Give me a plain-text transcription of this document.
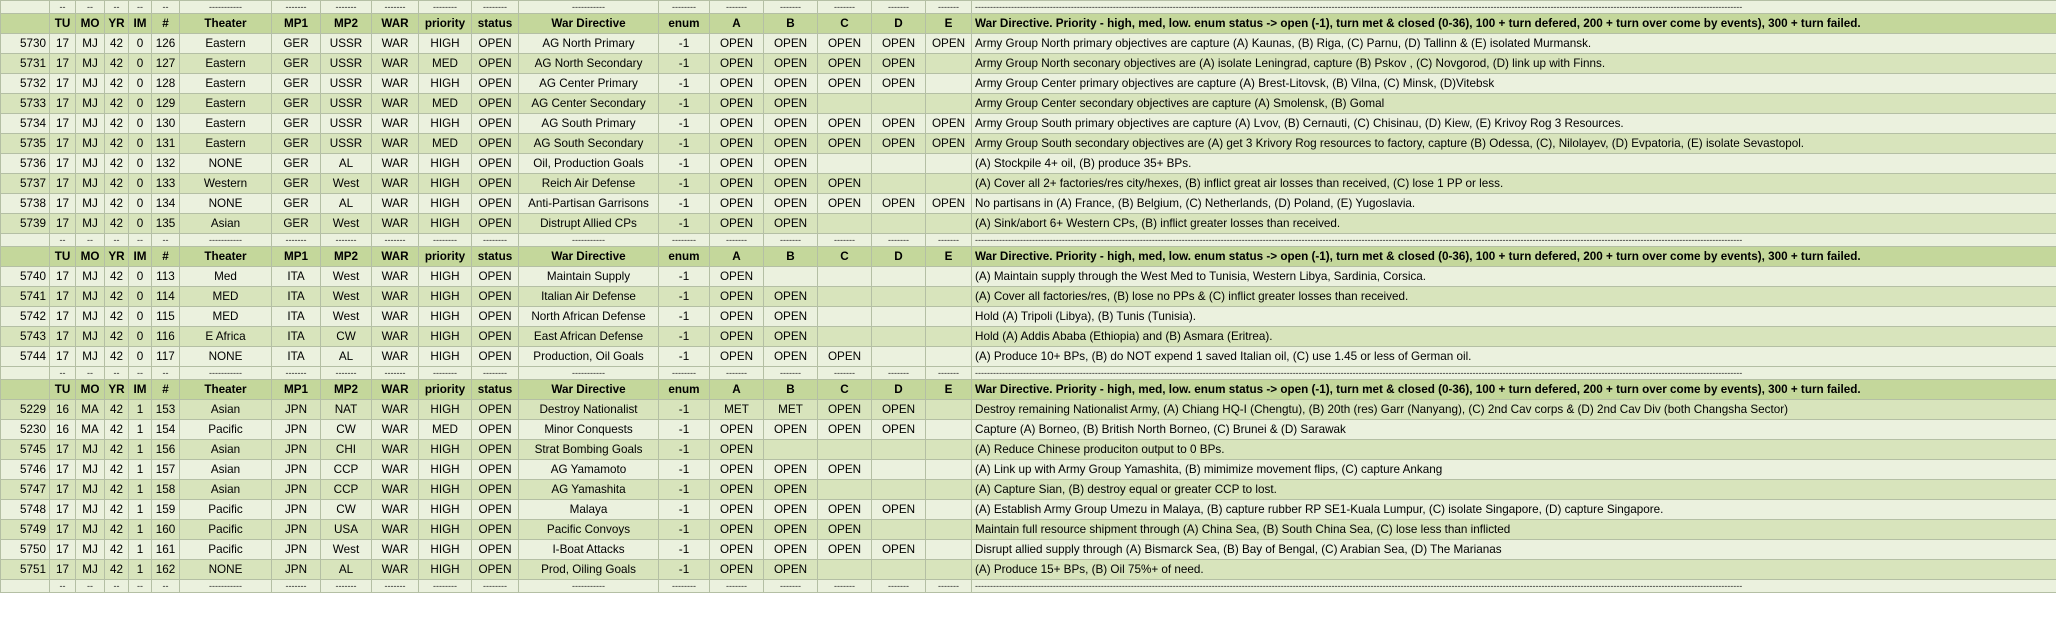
	--	--	--	--	--	-----------	-------	-------	-------	--------	--------	-----------	--------	-------	-------	-------	-------	-------	----------------------------------------------------------------------------------------------------------------------------------------------------------------------------------------------------------------------------------------------------------------
	TU	MO	YR	IM	#	Theater	MP1	MP2	WAR	priority	status	War Directive	enum	A	B	C	D	E	War Directive. Priority - high, med, low. enum status -> open (-1), turn met & closed (0-36), 100 + turn defered, 200 + turn over come by events), 300 + turn failed.
5730	17	MJ	42	0	126	Eastern	GER	USSR	WAR	HIGH	OPEN	AG North Primary	-1	OPEN	OPEN	OPEN	OPEN	OPEN	Army Group North primary objectives are capture (A) Kaunas, (B) Riga, (C) Parnu, (D) Tallinn & (E) isolated Murmansk.
5731	17	MJ	42	0	127	Eastern	GER	USSR	WAR	MED	OPEN	AG North Secondary	-1	OPEN	OPEN	OPEN	OPEN		Army Group North seconary objectives are (A) isolate Leningrad, capture (B) Pskov , (C) Novgorod, (D) link up with Finns.
5732	17	MJ	42	0	128	Eastern	GER	USSR	WAR	HIGH	OPEN	AG Center Primary	-1	OPEN	OPEN	OPEN	OPEN		Army Group Center primary objectives are capture (A) Brest-Litovsk, (B) Vilna, (C) Minsk, (D)Vitebsk
5733	17	MJ	42	0	129	Eastern	GER	USSR	WAR	MED	OPEN	AG Center Secondary	-1	OPEN	OPEN				Army Group Center secondary objectives are capture (A) Smolensk, (B) Gomal
5734	17	MJ	42	0	130	Eastern	GER	USSR	WAR	HIGH	OPEN	AG South Primary	-1	OPEN	OPEN	OPEN	OPEN	OPEN	Army Group South primary objectives are capture (A) Lvov, (B) Cernauti, (C) Chisinau, (D) Kiew, (E) Krivoy Rog 3 Resources.
5735	17	MJ	42	0	131	Eastern	GER	USSR	WAR	MED	OPEN	AG South Secondary	-1	OPEN	OPEN	OPEN	OPEN	OPEN	Army Group South secondary objectives are (A) get 3 Krivory Rog resources to factory, capture (B) Odessa, (C), Nilolayev, (D) Evpatoria, (E) isolate Sevastopol.
5736	17	MJ	42	0	132	NONE	GER	AL	WAR	HIGH	OPEN	Oil, Production Goals	-1	OPEN	OPEN				(A) Stockpile 4+ oil, (B) produce 35+ BPs.
5737	17	MJ	42	0	133	Western	GER	West	WAR	HIGH	OPEN	Reich Air Defense	-1	OPEN	OPEN	OPEN			(A) Cover all 2+ factories/res city/hexes, (B) inflict great air losses than received, (C) lose 1 PP or less.
5738	17	MJ	42	0	134	NONE	GER	AL	WAR	HIGH	OPEN	Anti-Partisan Garrisons	-1	OPEN	OPEN	OPEN	OPEN	OPEN	No partisans in (A) France, (B) Belgium, (C) Netherlands, (D) Poland, (E) Yugoslavia.
5739	17	MJ	42	0	135	Asian	GER	West	WAR	HIGH	OPEN	Distrupt Allied CPs	-1	OPEN	OPEN				(A) Sink/abort 6+ Western CPs, (B) inflict greater losses than received.
	--	--	--	--	--	-----------	-------	-------	-------	--------	--------	-----------	--------	-------	-------	-------	-------	-------	----------------------------------------------------------------------------------------------------------------------------------------------------------------------------------------------------------------------------------------------------------------
	TU	MO	YR	IM	#	Theater	MP1	MP2	WAR	priority	status	War Directive	enum	A	B	C	D	E	War Directive. Priority - high, med, low. enum status -> open (-1), turn met & closed (0-36), 100 + turn defered, 200 + turn over come by events), 300 + turn failed.
5740	17	MJ	42	0	113	Med	ITA	West	WAR	HIGH	OPEN	Maintain Supply	-1	OPEN					(A) Maintain supply through the West Med to Tunisia, Western Libya, Sardinia, Corsica.
5741	17	MJ	42	0	114	MED	ITA	West	WAR	HIGH	OPEN	Italian Air Defense	-1	OPEN	OPEN				(A) Cover all factories/res, (B) lose no PPs & (C) inflict greater losses than received.
5742	17	MJ	42	0	115	MED	ITA	West	WAR	HIGH	OPEN	North African Defense	-1	OPEN	OPEN				Hold (A) Tripoli (Libya), (B) Tunis (Tunisia).
5743	17	MJ	42	0	116	E Africa	ITA	CW	WAR	HIGH	OPEN	East African Defense	-1	OPEN	OPEN				Hold (A) Addis Ababa (Ethiopia) and (B) Asmara (Eritrea).
5744	17	MJ	42	0	117	NONE	ITA	AL	WAR	HIGH	OPEN	Production, Oil Goals	-1	OPEN	OPEN	OPEN			(A) Produce 10+ BPs, (B) do NOT expend 1 saved Italian oil, (C) use 1.45 or less of German oil.
	--	--	--	--	--	-----------	-------	-------	-------	--------	--------	-----------	--------	-------	-------	-------	-------	-------	----------------------------------------------------------------------------------------------------------------------------------------------------------------------------------------------------------------------------------------------------------------
	TU	MO	YR	IM	#	Theater	MP1	MP2	WAR	priority	status	War Directive	enum	A	B	C	D	E	War Directive. Priority - high, med, low. enum status -> open (-1), turn met & closed (0-36), 100 + turn defered, 200 + turn over come by events), 300 + turn failed.
5229	16	MA	42	1	153	Asian	JPN	NAT	WAR	HIGH	OPEN	Destroy Nationalist	-1	MET	MET	OPEN	OPEN		Destroy remaining Nationalist Army, (A) Chiang HQ-I (Chengtu), (B) 20th (res) Garr (Nanyang), (C) 2nd Cav corps & (D) 2nd Cav Div (both Changsha Sector)
5230	16	MA	42	1	154	Pacific	JPN	CW	WAR	MED	OPEN	Minor Conquests	-1	OPEN	OPEN	OPEN	OPEN		Capture (A) Borneo, (B) British North Borneo, (C) Brunei & (D) Sarawak
5745	17	MJ	42	1	156	Asian	JPN	CHI	WAR	HIGH	OPEN	Strat Bombing Goals	-1	OPEN					(A) Reduce Chinese produciton output to 0 BPs.
5746	17	MJ	42	1	157	Asian	JPN	CCP	WAR	HIGH	OPEN	AG Yamamoto	-1	OPEN	OPEN	OPEN			(A) Link up with Army Group Yamashita, (B) mimimize movement flips, (C) capture Ankang
5747	17	MJ	42	1	158	Asian	JPN	CCP	WAR	HIGH	OPEN	AG Yamashita	-1	OPEN	OPEN				(A) Capture Sian, (B) destroy equal or greater CCP to lost.
5748	17	MJ	42	1	159	Pacific	JPN	CW	WAR	HIGH	OPEN	Malaya	-1	OPEN	OPEN	OPEN	OPEN		(A) Establish Army Group Umezu in Malaya, (B) capture rubber RP SE1-Kuala Lumpur, (C) isolate Singapore, (D) capture Singapore.
5749	17	MJ	42	1	160	Pacific	JPN	USA	WAR	HIGH	OPEN	Pacific Convoys	-1	OPEN	OPEN	OPEN			Maintain full resource shipment through (A) China Sea, (B) South China Sea, (C) lose less than inflicted
5750	17	MJ	42	1	161	Pacific	JPN	West	WAR	HIGH	OPEN	I-Boat Attacks	-1	OPEN	OPEN	OPEN	OPEN		Disrupt allied supply through (A) Bismarck Sea, (B) Bay of Bengal, (C) Arabian Sea, (D) The Marianas
5751	17	MJ	42	1	162	NONE	JPN	AL	WAR	HIGH	OPEN	Prod, Oiling Goals	-1	OPEN	OPEN				(A) Produce 15+ BPs, (B) Oil 75%+ of need.
	--	--	--	--	--	-----------	-------	-------	-------	--------	--------	-----------	--------	-------	-------	-------	-------	-------	----------------------------------------------------------------------------------------------------------------------------------------------------------------------------------------------------------------------------------------------------------------
